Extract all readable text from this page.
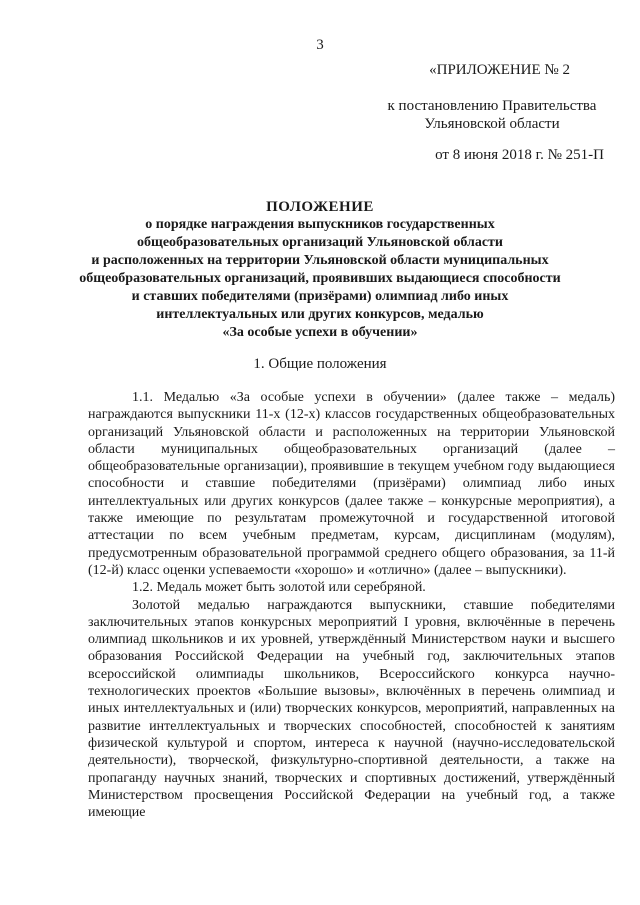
3
«ПРИЛОЖЕНИЕ № 2
к постановлению Правительства
Ульяновской области
от 8 июня 2018 г. № 251-П
ПОЛОЖЕНИЕ
о порядке награждения выпускников государственных
общеобразовательных организаций Ульяновской области
и расположенных на территории Ульяновской области муниципальных
общеобразовательных организаций, проявивших выдающиеся способности
и ставших победителями (призёрами) олимпиад либо иных
интеллектуальных или других конкурсов, медалью
«За особые успехи в обучении»
1. Общие положения

1.1. Медалью «За особые успехи в обучении» (далее также – медаль) награждаются выпускники 11-х (12-х) классов государственных общеобразовательных организаций Ульяновской области и расположенных на территории Ульяновской области муниципальных общеобразовательных организаций (далее – общеобразовательные организации), проявившие в текущем учебном году выдающиеся способности и ставшие победителями (призёрами) олимпиад либо иных интеллектуальных или других конкурсов (далее также – конкурсные мероприятия), а также имеющие по результатам промежуточной и государственной итоговой аттестации по всем учебным предметам, курсам, дисциплинам (модулям), предусмотренным образовательной программой среднего общего образования, за 11-й (12-й) класс оценки успеваемости «хорошо» и «отлично» (далее – выпускники).

1.2. Медаль может быть золотой или серебряной.

Золотой медалью награждаются выпускники, ставшие победителями заключительных этапов конкурсных мероприятий I уровня, включённые в перечень олимпиад школьников и их уровней, утверждённый Министерством науки и высшего образования Российской Федерации на учебный год, заключительных этапов всероссийской олимпиады школьников, Всероссийского конкурса научно-технологических проектов «Большие вызовы», включённых в перечень олимпиад и иных интеллектуальных и (или) творческих конкурсов, мероприятий, направленных на развитие интеллектуальных и творческих способностей, способностей к занятиям физической культурой и спортом, интереса к научной (научно-исследовательской деятельности), творческой, физкультурно-спортивной деятельности, а также на пропаганду научных знаний, творческих и спортивных достижений, утверждённый Министерством просвещения Российской Федерации на учебный год, а также имеющие
